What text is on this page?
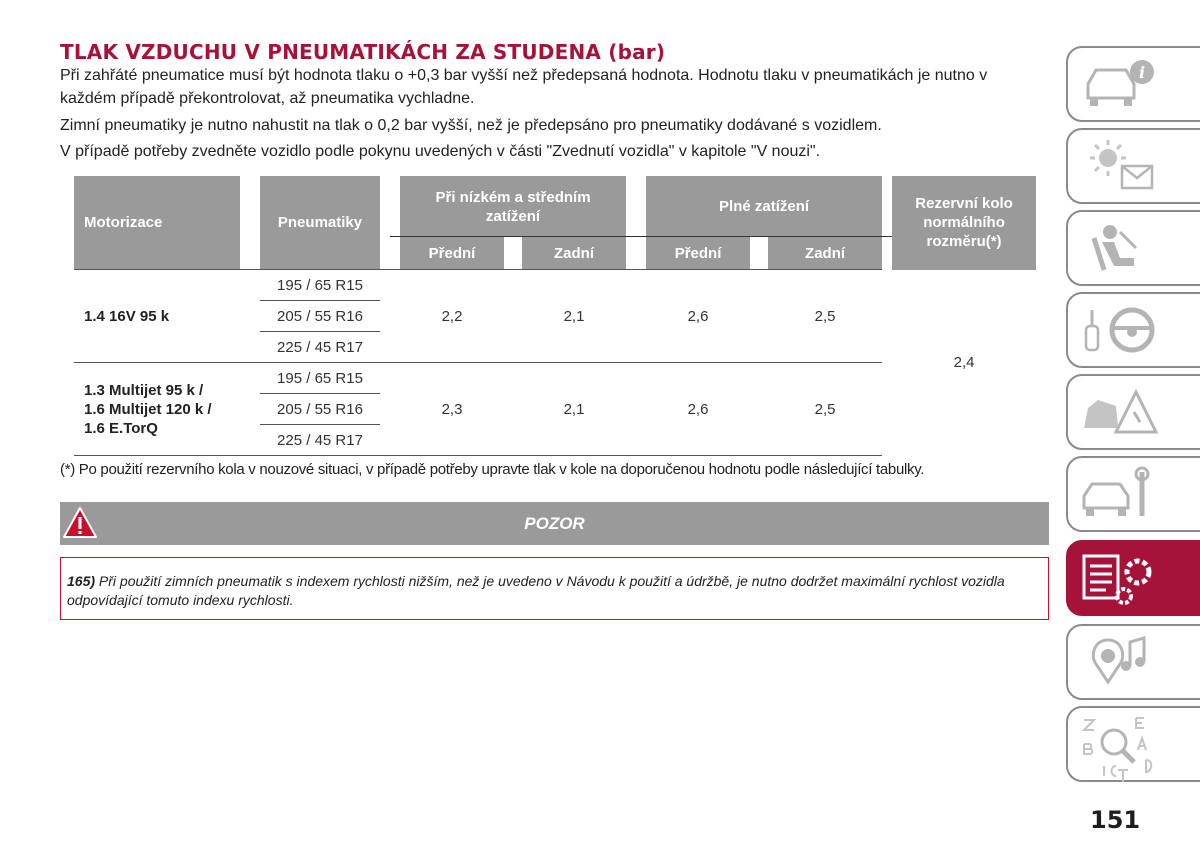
TLAK VZDUCHU V PNEUMATIKÁCH ZA STUDENA (bar)
Při zahřáté pneumatice musí být hodnota tlaku o +0,3 bar vyšší než předepsaná hodnota. Hodnotu tlaku v pneumatikách je nutno v každém případě překontrolovat, až pneumatika vychladne.
Zimní pneumatiky je nutno nahustit na tlak o 0,2 bar vyšší, než je předepsáno pro pneumatiky dodávané s vozidlem.
V případě potřeby zvedněte vozidlo podle pokynu uvedených v části "Zvednutí vozidla" v kapitole "V nouzi".
Motorizace		Pneumatiky		Při nízkém a středním zatížení				Plné zatížení				Rezervní kolo normálního rozměru(*)

				Přední		Zadní		Přední		Zadní		
1.4 16V 95 k		195 / 65 R15		2,2		2,1		2,6		2,5		2,4
		205 / 55 R16										
		225 / 45 R17										

1.3 Multijet 95 k /
1.6 Multijet 120 k /
1.6 E.TorQ		195 / 65 R15		2,3		2,1		2,6		2,5		
		205 / 55 R16										
		225 / 45 R17										
(*) Po použití rezervního kola v nouzové situaci, v případě potřeby upravte tlak v kole na doporučenou hodnotu podle následující tabulky.
POZOR
165) Při použití zimních pneumatik s indexem rychlosti nižším, než je uvedeno v Návodu k použití a údržbě, je nutno dodržet maximální rychlost vozidla odpovídající tomuto indexu rychlosti.
i
151
